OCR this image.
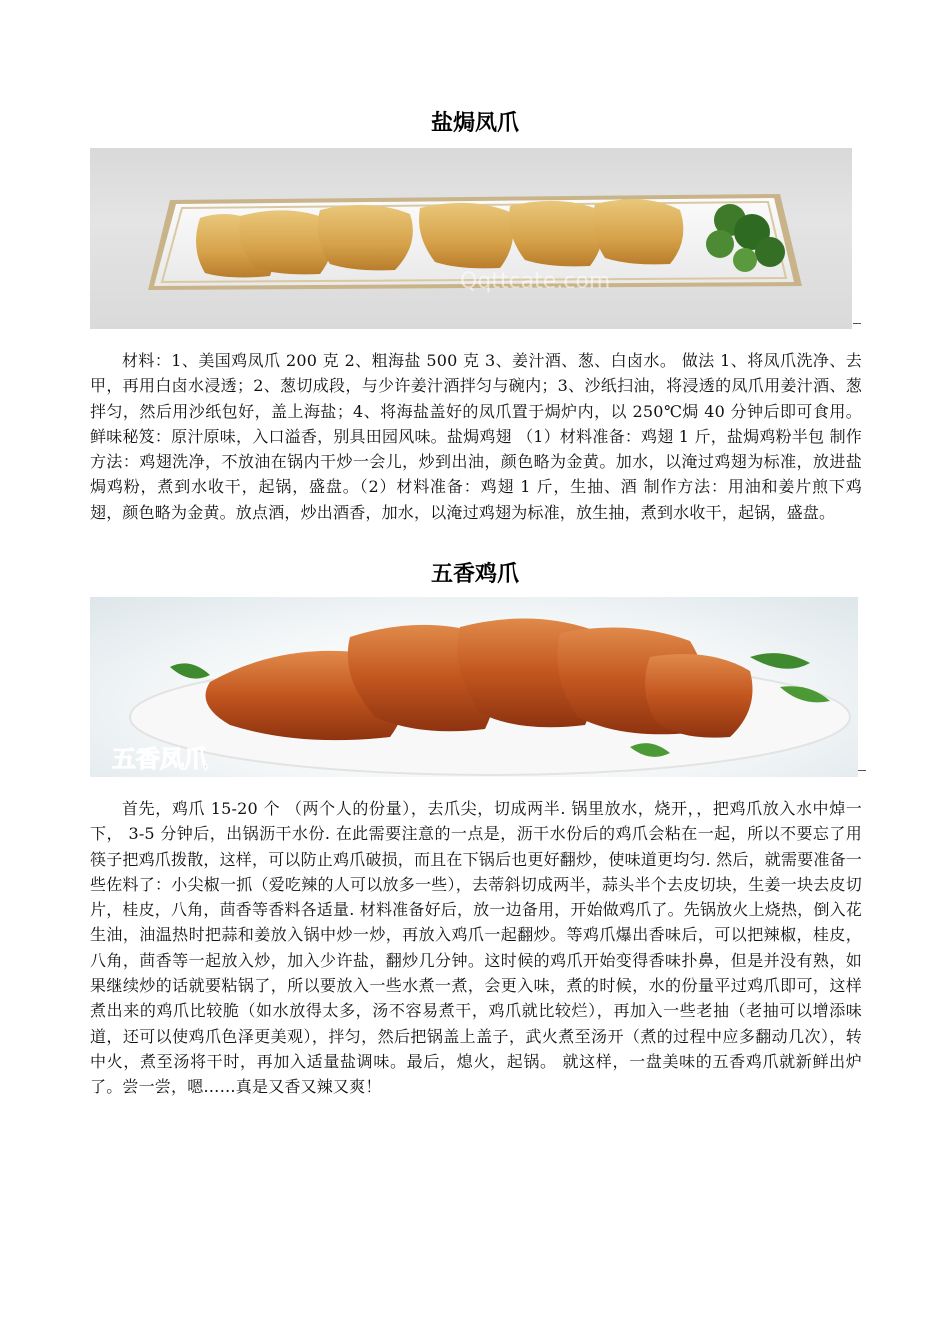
盐焗凤爪
Qqttcate.com

材料：1、美国鸡凤爪 200 克 2、粗海盐 500 克 3、姜汁酒、葱、白卤水。 做法 1、将凤爪洗净、去甲，再用白卤水浸透；2、葱切成段，与少许姜汁酒拌匀与碗内；3、沙纸扫油，将浸透的凤爪用姜汁酒、葱拌匀，然后用沙纸包好，盖上海盐；4、将海盐盖好的凤爪置于焗炉内，以 250℃焗 40 分钟后即可食用。鲜味秘笈：原汁原味，入口溢香，别具田园风味。盐焗鸡翅 （1）材料准备：鸡翅 1 斤，盐焗鸡粉半包 制作方法：鸡翅洗净，不放油在锅内干炒一会儿，炒到出油，颜色略为金黄。加水，以淹过鸡翅为标准，放进盐焗鸡粉，煮到水收干，起锅，盛盘。（2）材料准备：鸡翅 1 斤，生抽、酒 制作方法：用油和姜片煎下鸡翅，颜色略为金黄。放点酒，炒出酒香，加水，以淹过鸡翅为标准，放生抽，煮到水收干，起锅，盛盘。

五香鸡爪
五香凤爪

首先，鸡爪 15-20 个 （两个人的份量），去爪尖，切成两半. 锅里放水，烧开，，把鸡爪放入水中焯一下， 3-5 分钟后，出锅沥干水份. 在此需要注意的一点是，沥干水份后的鸡爪会粘在一起，所以不要忘了用筷子把鸡爪拨散，这样，可以防止鸡爪破损，而且在下锅后也更好翻炒，使味道更均匀. 然后，就需要准备一些佐料了：小尖椒一抓（爱吃辣的人可以放多一些），去蒂斜切成两半，蒜头半个去皮切块，生姜一块去皮切片，桂皮，八角，茴香等香料各适量. 材料准备好后，放一边备用，开始做鸡爪了。先锅放火上烧热，倒入花生油，油温热时把蒜和姜放入锅中炒一炒，再放入鸡爪一起翻炒。等鸡爪爆出香味后，可以把辣椒，桂皮，八角，茴香等一起放入炒，加入少许盐，翻炒几分钟。这时候的鸡爪开始变得香味扑鼻，但是并没有熟，如果继续炒的话就要粘锅了，所以要放入一些水煮一煮，会更入味，煮的时候，水的份量平过鸡爪即可，这样煮出来的鸡爪比较脆（如水放得太多，汤不容易煮干，鸡爪就比较烂），再加入一些老抽（老抽可以增添味道，还可以使鸡爪色泽更美观），拌匀，然后把锅盖上盖子，武火煮至汤开（煮的过程中应多翻动几次），转中火，煮至汤将干时，再加入适量盐调味。最后，熄火，起锅。 就这样，一盘美味的五香鸡爪就新鲜出炉了。尝一尝，嗯……真是又香又辣又爽！
